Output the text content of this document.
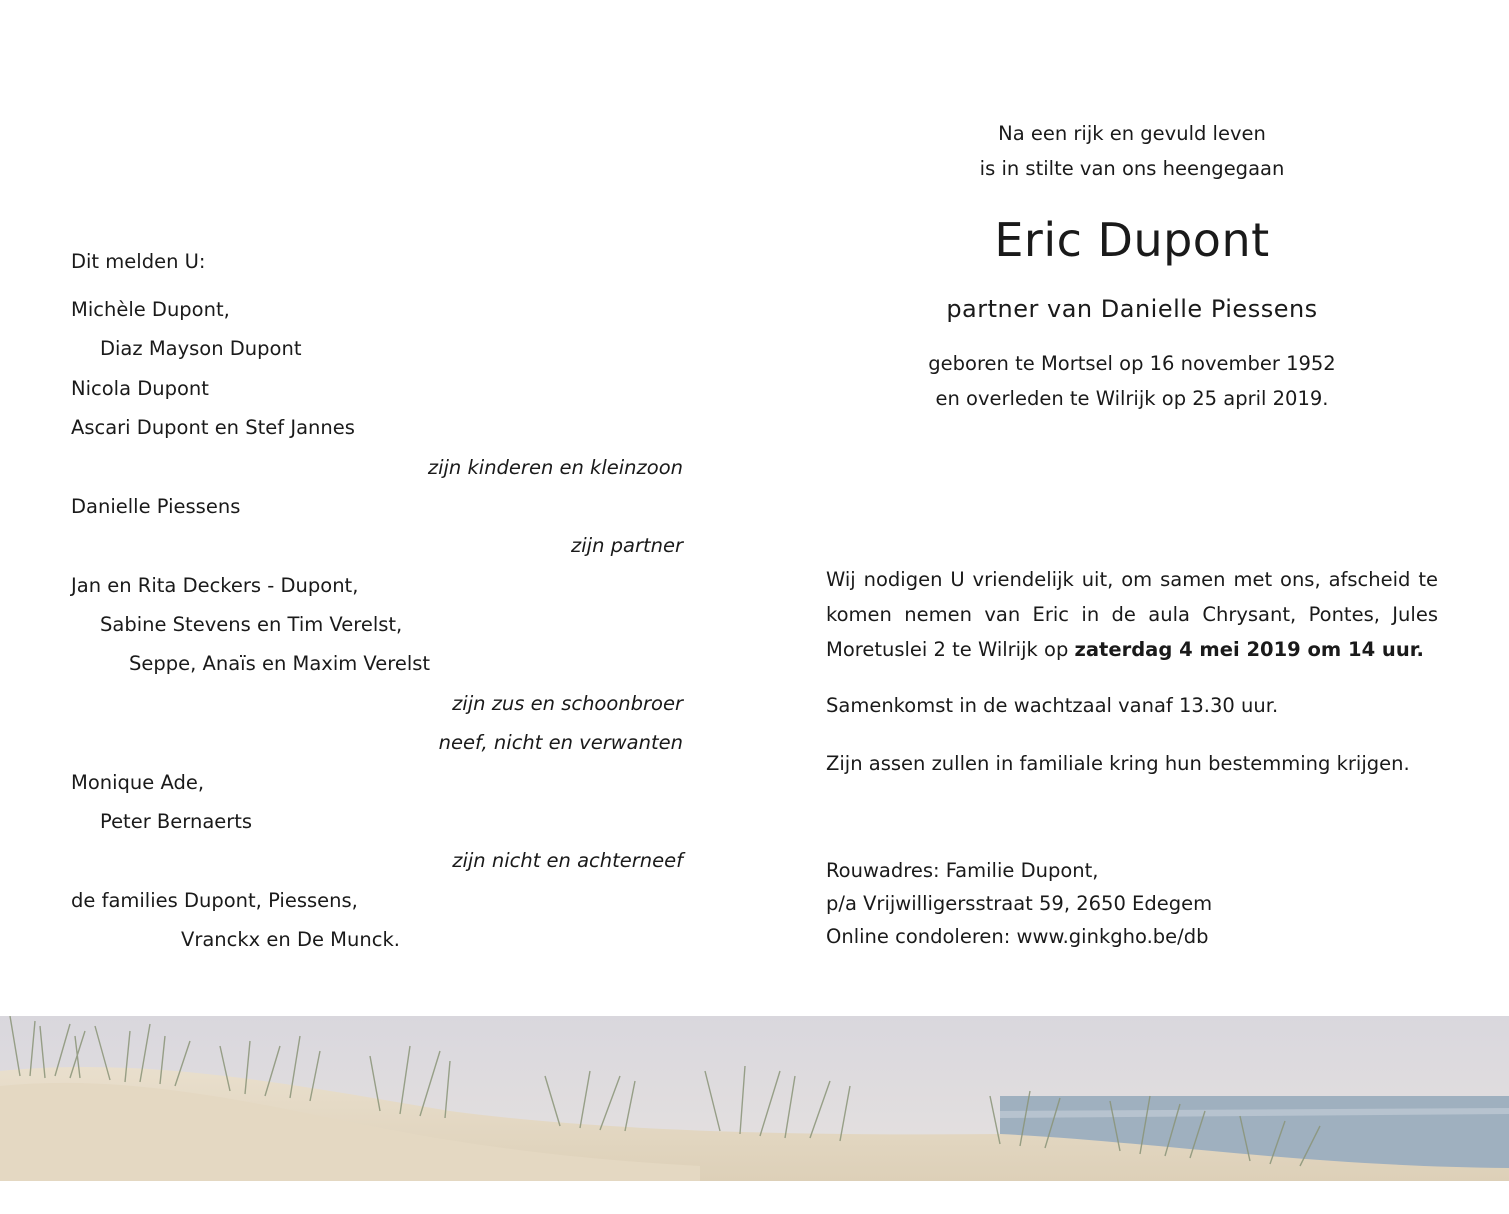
Dit melden U:
Michèle Dupont,
Diaz Mayson Dupont
Nicola Dupont
Ascari Dupont en Stef Jannes
zijn kinderen en kleinzoon
Danielle Piessens
zijn partner
Jan en Rita Deckers - Dupont,
Sabine Stevens en Tim Verelst,
Seppe, Anaïs en Maxim Verelst
zijn zus en schoonbroer
neef, nicht en verwanten
Monique Ade,
Peter Bernaerts
zijn nicht en achterneef
de families Dupont, Piessens,
Vranckx en De Munck.
Na een rijk en gevuld leven
is in stilte van ons heengegaan
Eric Dupont
partner van Danielle Piessens
geboren te Mortsel op 16 november 1952
en overleden te Wilrijk op 25 april 2019.
Wij nodigen U vriendelijk uit, om samen met ons, afscheid te komen nemen van Eric in de aula Chrysant, Pontes, Jules Moretuslei 2 te Wilrijk op zaterdag 4 mei 2019 om 14 uur.
Samenkomst in de wachtzaal vanaf 13.30 uur.
Zijn assen zullen in familiale kring hun bestemming krijgen.
Rouwadres: Familie Dupont,
p/a Vrijwilligersstraat 59, 2650 Edegem
Online condoleren: www.ginkgho.be/db
